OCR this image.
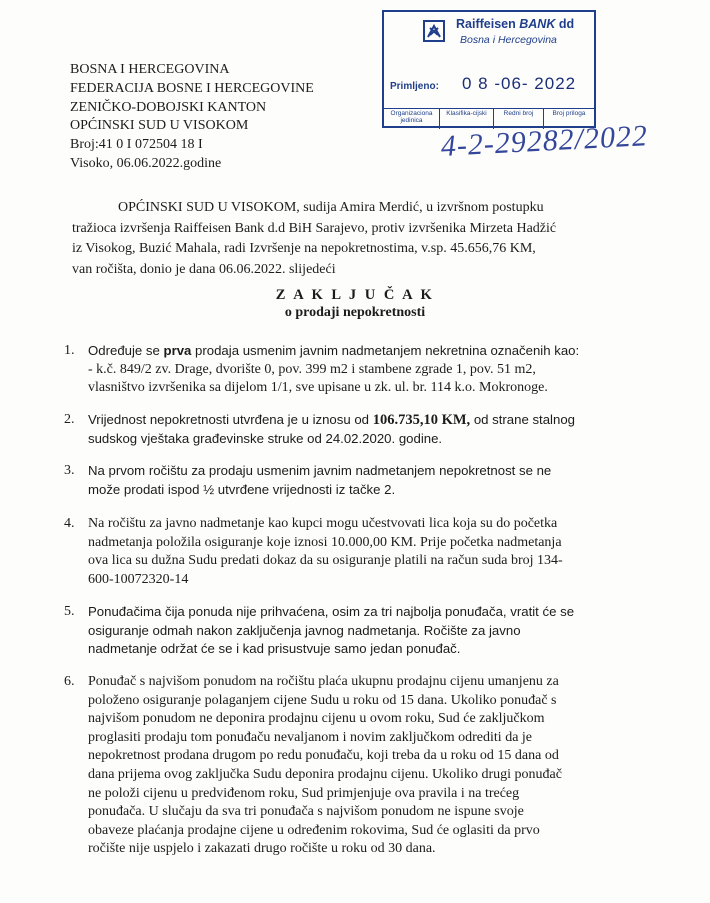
Raiffeisen BANK dd
Bosna i Hercegovina
Primljeno: 0 8 -06- 2022
Organizaciona jedinica
Klasifika-cijski	Redni broj	Broj priloga
4-2-29282/2022
BOSNA I HERCEGOVINA
FEDERACIJA BOSNE I HERCEGOVINE
ZENIČKO-DOBOJSKI KANTON
OPĆINSKI SUD U VISOKOM
Broj:41 0 I 072504 18 I
Visoko, 06.06.2022.godine
OPĆINSKI SUD U VISOKOM, sudija Amira Merdić, u izvršnom postupku
tražioca izvršenja Raiffeisen Bank d.d BiH Sarajevo, protiv izvršenika Mirzeta Hadžić
iz Visokog, Buzić Mahala, radi Izvršenje na nepokretnostima, v.sp. 45.656,76 KM,
van ročišta, donio je dana 06.06.2022. slijedeći
Z A K L J U Č A K
o prodaji nepokretnosti
1. Određuje se prva prodaja usmenim javnim nadmetanjem nekretnina označenih kao:
- k.č. 849/2 zv. Drage, dvorište 0, pov. 399 m2 i stambene zgrade 1, pov. 51 m2,
vlasništvo izvršenika sa dijelom 1/1, sve upisane u zk. ul. br. 114 k.o. Mokronoge.
2. Vrijednost nepokretnosti utvrđena je u iznosu od 106.735,10 KM, od strane stalnog
sudskog vještaka građevinske struke od 24.02.2020. godine.
3. Na prvom ročištu za prodaju usmenim javnim nadmetanjem nepokretnost se ne
može prodati ispod ½ utvrđene vrijednosti iz tačke 2.
4. Na ročištu za javno nadmetanje kao kupci mogu učestvovati lica koja su do početka
nadmetanja položila osiguranje koje iznosi 10.000,00 KM. Prije početka nadmetanja
ova lica su dužna Sudu predati dokaz da su osiguranje platili na račun suda broj 134-
600-10072320-14
5. Ponuđačima čija ponuda nije prihvaćena, osim za tri najbolja ponuđača, vratit će se
osiguranje odmah nakon zaključenja javnog nadmetanja. Ročište za javno
nadmetanje održat će se i kad prisustvuje samo jedan ponuđač.
6. Ponuđač s najvišom ponudom na ročištu plaća ukupnu prodajnu cijenu umanjenu za
položeno osiguranje polaganjem cijene Sudu u roku od 15 dana. Ukoliko ponuđač s
najvišom ponudom ne deponira prodajnu cijenu u ovom roku, Sud će zaključkom
proglasiti prodaju tom ponuđaču nevaljanom i novim zaključkom odrediti da je
nepokretnost prodana drugom po redu ponuđaču, koji treba da u roku od 15 dana od
dana prijema ovog zaključka Sudu deponira prodajnu cijenu. Ukoliko drugi ponuđač
ne položi cijenu u predviđenom roku, Sud primjenjuje ova pravila i na trećeg
ponuđača. U slučaju da sva tri ponuđača s najvišom ponudom ne ispune svoje
obaveze plaćanja prodajne cijene u određenim rokovima, Sud će oglasiti da prvo
ročište nije uspjelo i zakazati drugo ročište u roku od 30 dana.
